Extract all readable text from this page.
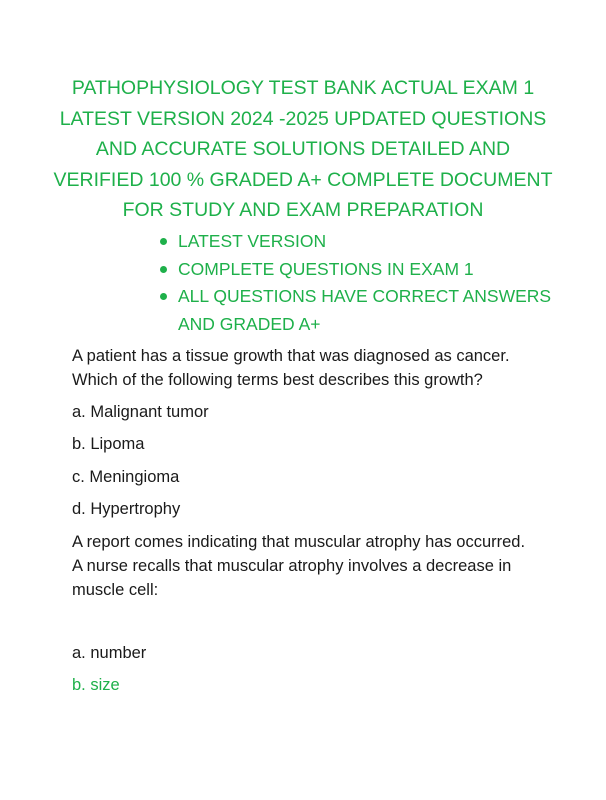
PATHOPHYSIOLOGY TEST BANK ACTUAL EXAM 1
LATEST VERSION 2024 -2025 UPDATED QUESTIONS
AND ACCURATE SOLUTIONS DETAILED AND
VERIFIED 100 % GRADED A+ COMPLETE DOCUMENT
FOR STUDY AND EXAM PREPARATION
LATEST VERSION
COMPLETE QUESTIONS IN EXAM 1
ALL QUESTIONS HAVE CORRECT ANSWERS
AND GRADED A+

A patient has a tissue growth that was diagnosed as cancer.
Which of the following terms best describes this growth?

a. Malignant tumor
b. Lipoma
c. Meningioma
d. Hypertrophy

A report comes indicating that muscular atrophy has occurred.
A nurse recalls that muscular atrophy involves a decrease in
muscle cell:

a. number
b. size
